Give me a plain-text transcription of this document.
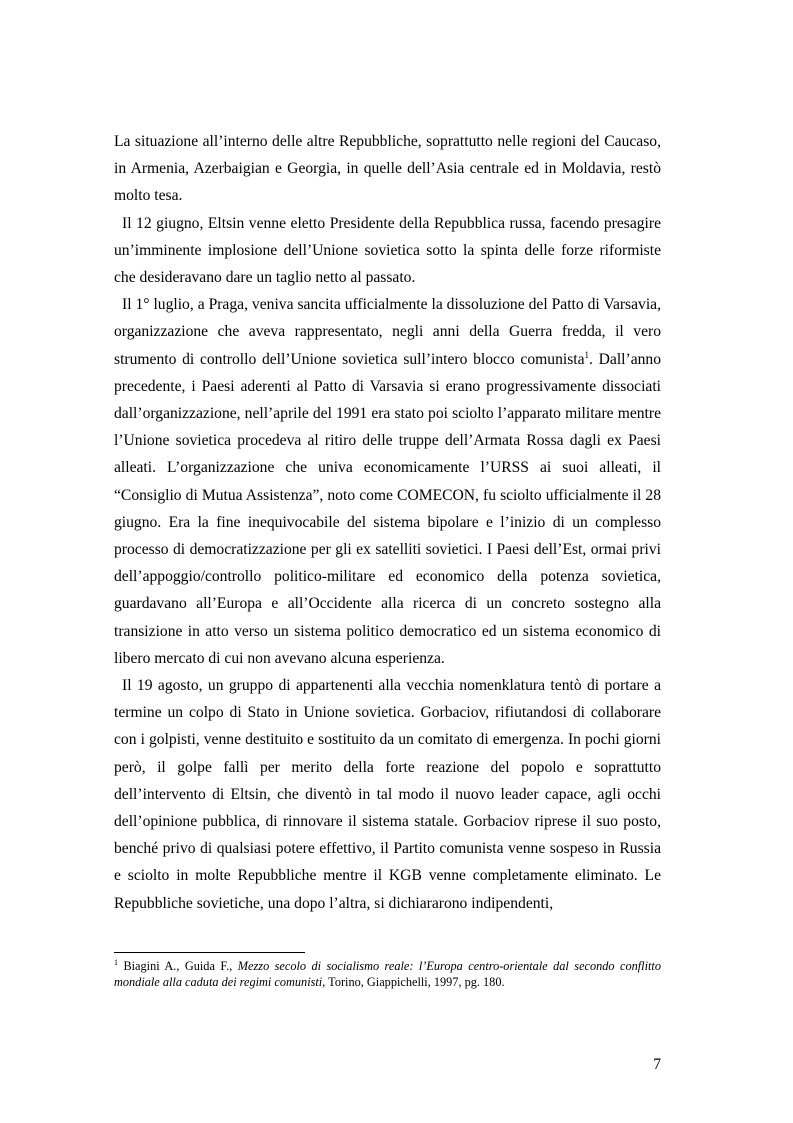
La situazione all’interno delle altre Repubbliche, soprattutto nelle regioni del Caucaso, in Armenia, Azerbaigian e Georgia, in quelle dell’Asia centrale ed in Moldavia, restò molto tesa.

Il 12 giugno, Eltsin venne eletto Presidente della Repubblica russa, facendo presagire un’imminente implosione dell’Unione sovietica sotto la spinta delle forze riformiste che desideravano dare un taglio netto al passato.

Il 1° luglio, a Praga, veniva sancita ufficialmente la dissoluzione del Patto di Varsavia, organizzazione che aveva rappresentato, negli anni della Guerra fredda, il vero strumento di controllo dell’Unione sovietica sull’intero blocco comunista$^1$. Dall’anno precedente, i Paesi aderenti al Patto di Varsavia si erano progressivamente dissociati dall’organizzazione, nell’aprile del 1991 era stato poi sciolto l’apparato militare mentre l’Unione sovietica procedeva al ritiro delle truppe dell’Armata Rossa dagli ex Paesi alleati. L’organizzazione che univa economicamente l’URSS ai suoi alleati, il “Consiglio di Mutua Assistenza”, noto come COMECON, fu sciolto ufficialmente il 28 giugno. Era la fine inequivocabile del sistema bipolare e l’inizio di un complesso processo di democratizzazione per gli ex satelliti sovietici. I Paesi dell’Est, ormai privi dell’appoggio/controllo politico-militare ed economico della potenza sovietica, guardavano all’Europa e all’Occidente alla ricerca di un concreto sostegno alla transizione in atto verso un sistema politico democratico ed un sistema economico di libero mercato di cui non avevano alcuna esperienza.

Il 19 agosto, un gruppo di appartenenti alla vecchia nomenklatura tentò di portare a termine un colpo di Stato in Unione sovietica. Gorbaciov, rifiutandosi di collaborare con i golpisti, venne destituito e sostituito da un comitato di emergenza. In pochi giorni però, il golpe fallì per merito della forte reazione del popolo e soprattutto dell’intervento di Eltsin, che diventò in tal modo il nuovo leader capace, agli occhi dell’opinione pubblica, di rinnovare il sistema statale. Gorbaciov riprese il suo posto, benché privo di qualsiasi potere effettivo, il Partito comunista venne sospeso in Russia e sciolto in molte Repubbliche mentre il KGB venne completamente eliminato. Le Repubbliche sovietiche, una dopo l’altra, si dichiararono indipendenti,

$^1$ Biagini A., Guida F., Mezzo secolo di socialismo reale: l’Europa centro-orientale dal secondo conflitto mondiale alla caduta dei regimi comunisti, Torino, Giappichelli, 1997, pg. 180.
7
